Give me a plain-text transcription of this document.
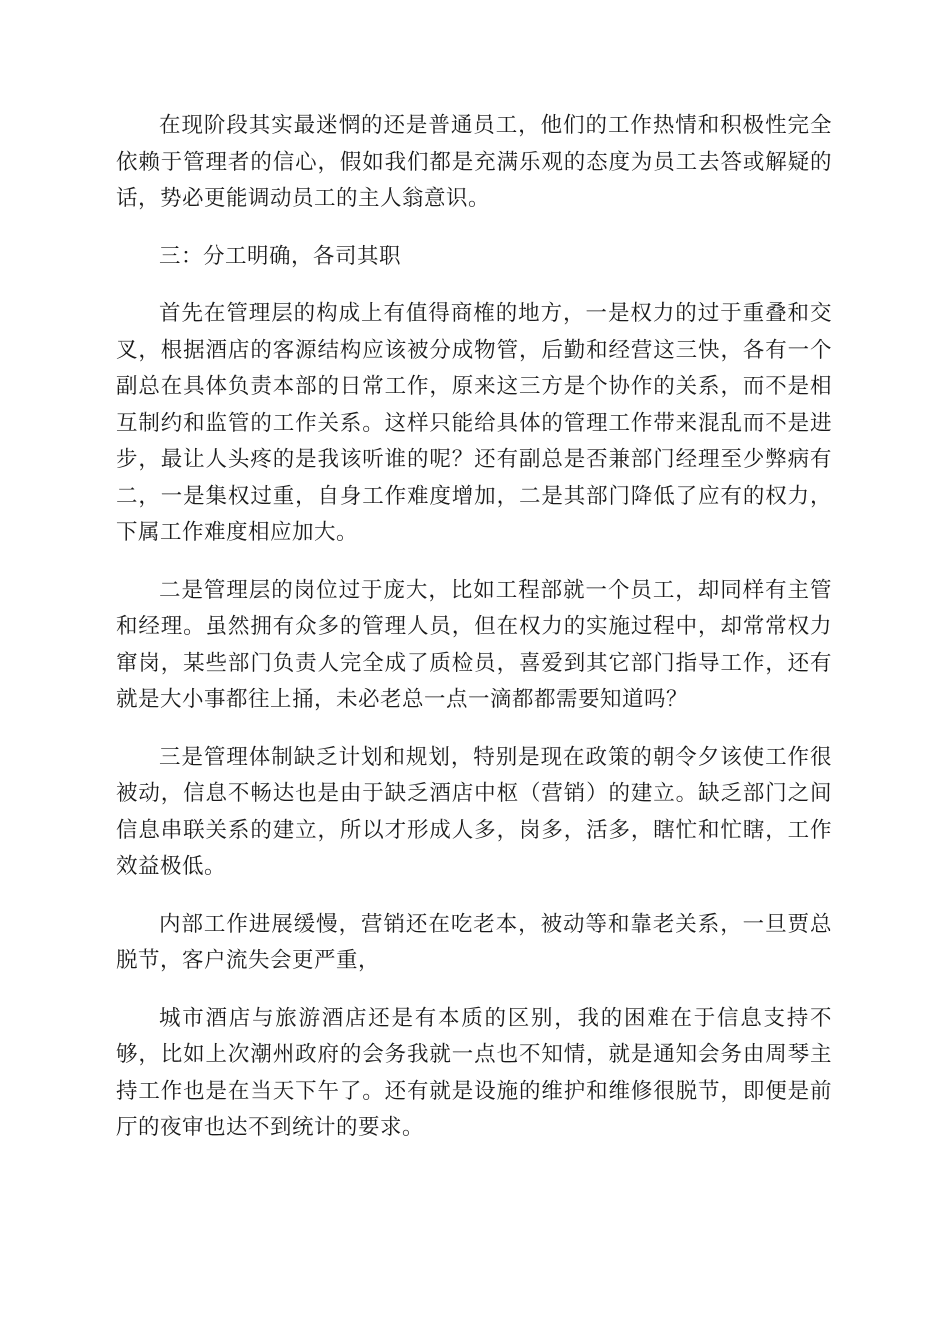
在现阶段其实最迷惘的还是普通员工，他们的工作热情和积极性完全依赖于管理者的信心，假如我们都是充满乐观的态度为员工去答或解疑的话，势必更能调动员工的主人翁意识。

三：分工明确，各司其职

首先在管理层的构成上有值得商榷的地方，一是权力的过于重叠和交叉，根据酒店的客源结构应该被分成物管，后勤和经营这三快，各有一个副总在具体负责本部的日常工作，原来这三方是个协作的关系，而不是相互制约和监管的工作关系。这样只能给具体的管理工作带来混乱而不是进步，最让人头疼的是我该听谁的呢？还有副总是否兼部门经理至少弊病有二，一是集权过重，自身工作难度增加，二是其部门降低了应有的权力，下属工作难度相应加大。

二是管理层的岗位过于庞大，比如工程部就一个员工，却同样有主管和经理。虽然拥有众多的管理人员，但在权力的实施过程中，却常常权力窜岗，某些部门负责人完全成了质检员，喜爱到其它部门指导工作，还有就是大小事都往上捅，未必老总一点一滴都都需要知道吗？

三是管理体制缺乏计划和规划，特别是现在政策的朝令夕该使工作很被动，信息不畅达也是由于缺乏酒店中枢（营销）的建立。缺乏部门之间信息串联关系的建立，所以才形成人多，岗多，活多，瞎忙和忙瞎，工作效益极低。

内部工作进展缓慢，营销还在吃老本，被动等和靠老关系，一旦贾总脱节，客户流失会更严重，

城市酒店与旅游酒店还是有本质的区别，我的困难在于信息支持不够，比如上次潮州政府的会务我就一点也不知情，就是通知会务由周琴主持工作也是在当天下午了。还有就是设施的维护和维修很脱节，即便是前厅的夜审也达不到统计的要求。
